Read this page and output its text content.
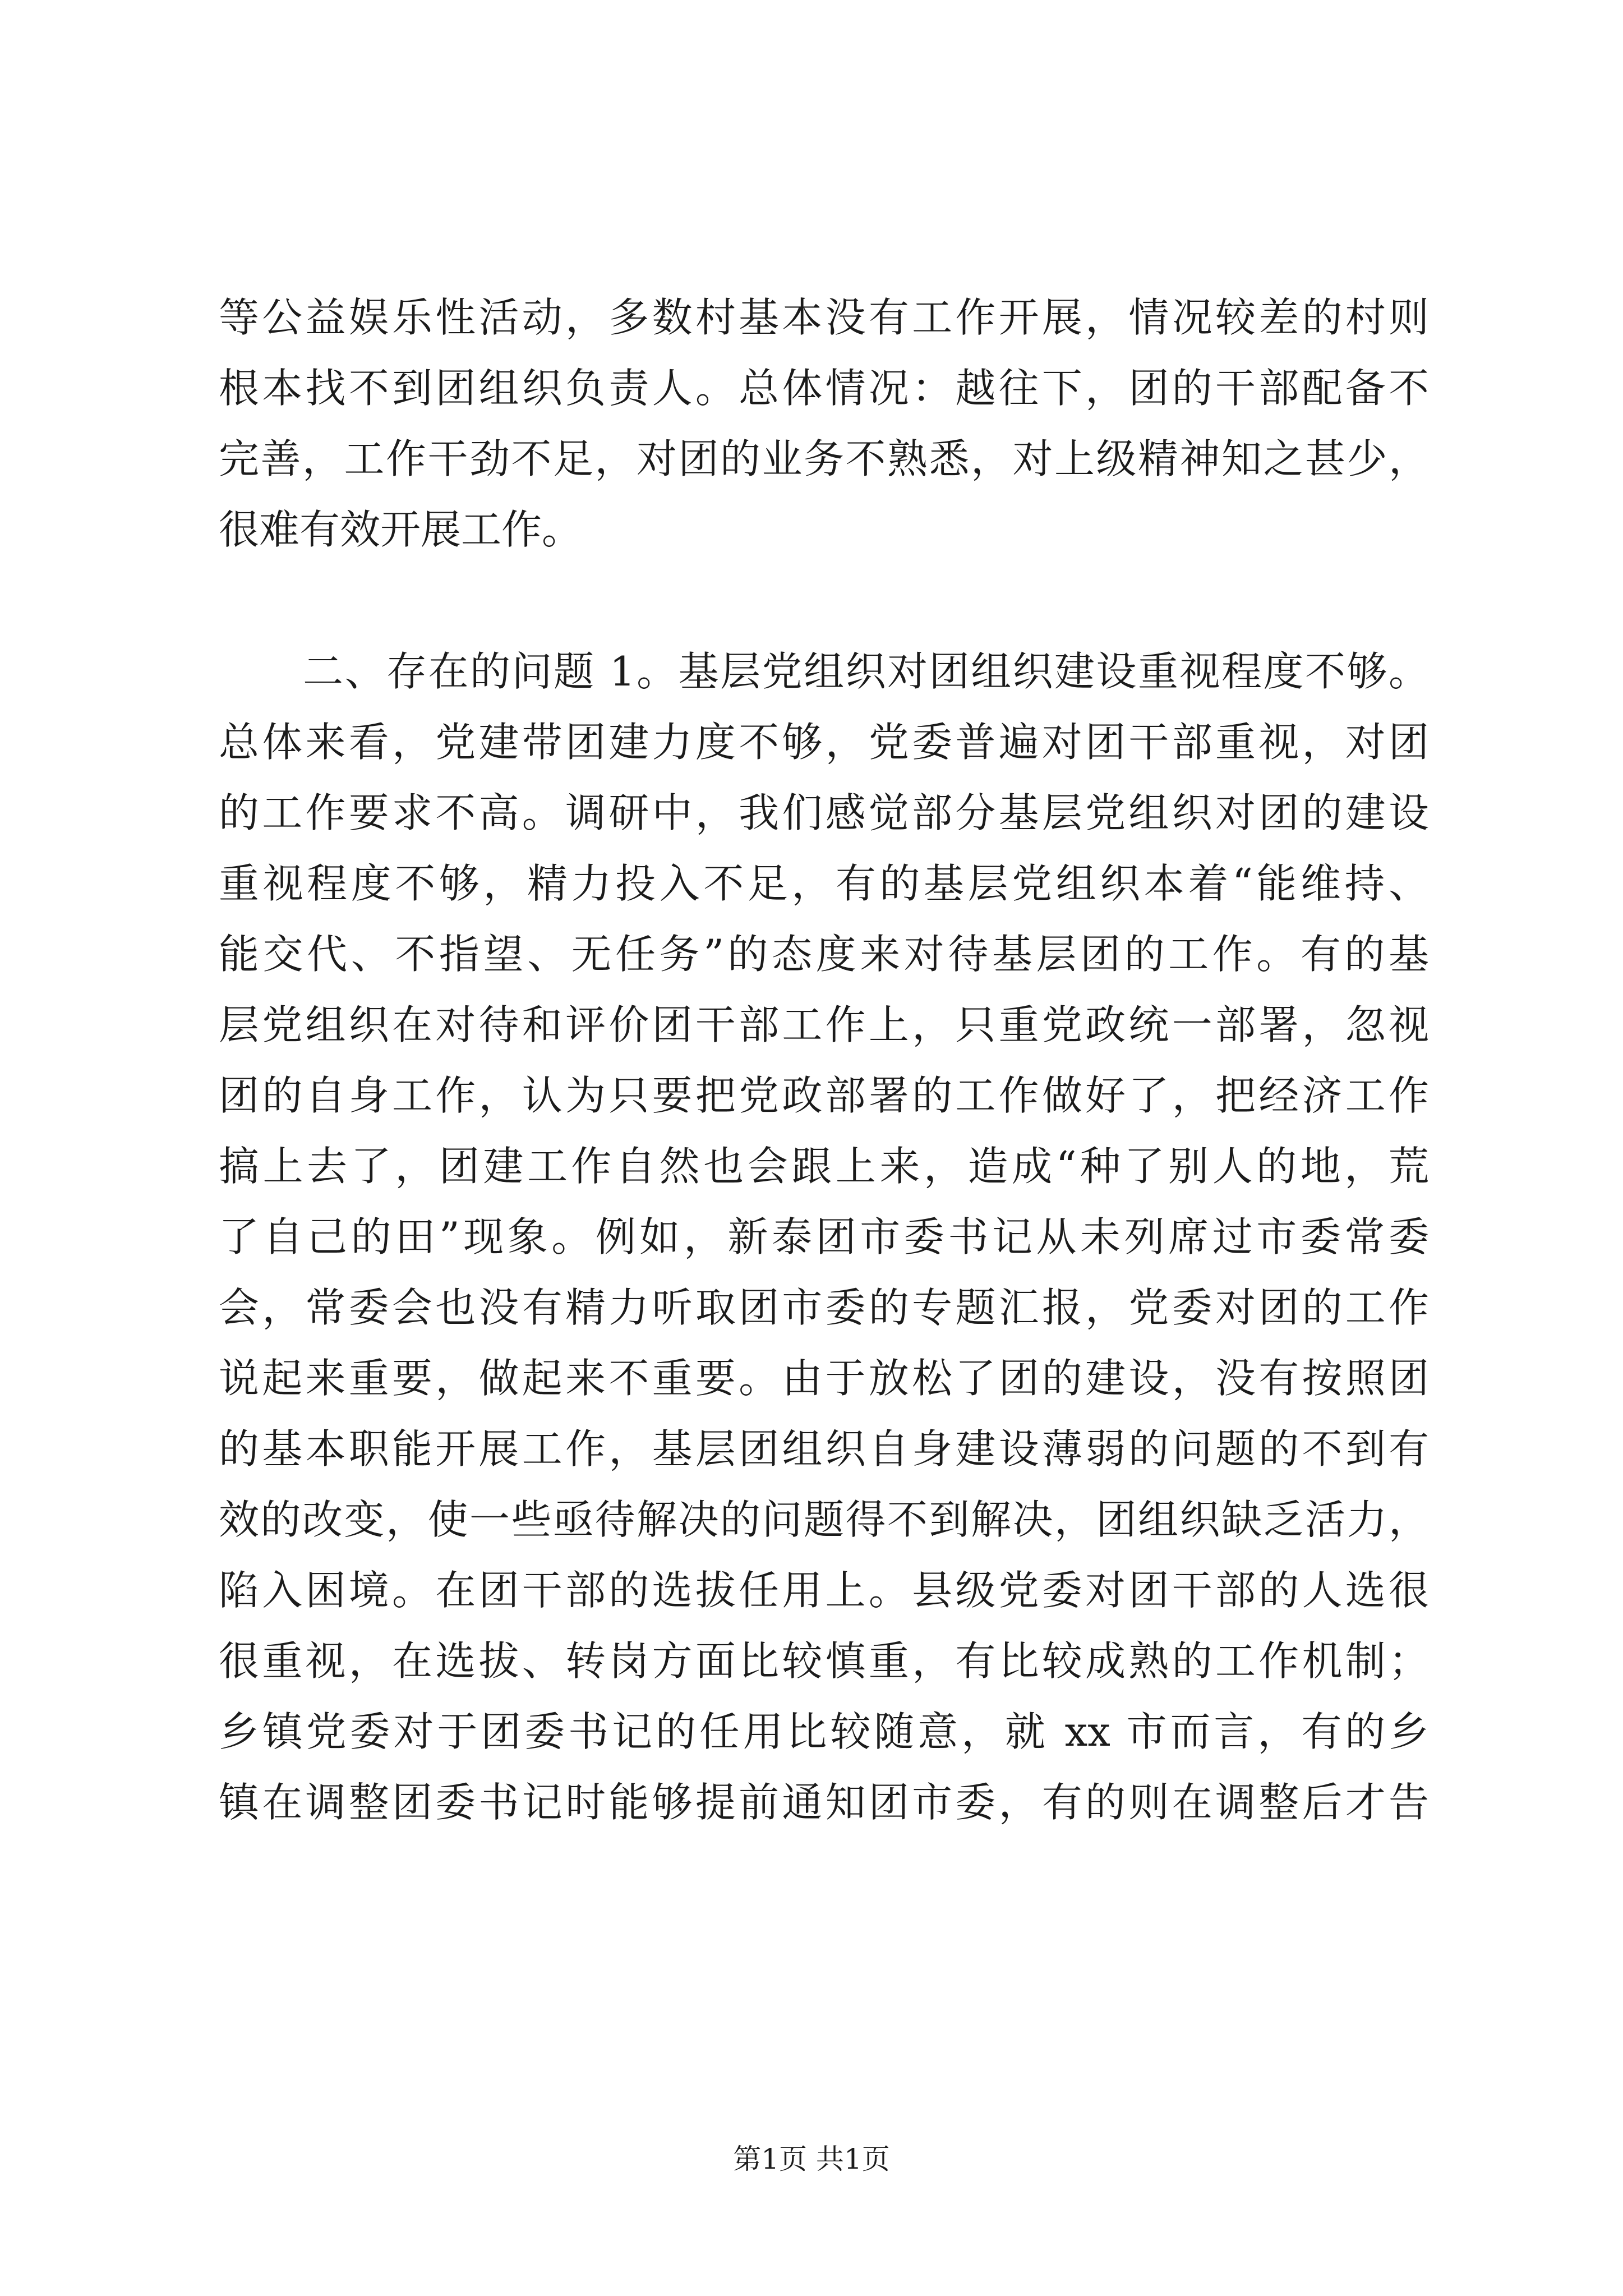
等公益娱乐性活动，多数村基本没有工作开展，情况较差的村则
根本找不到团组织负责人。总体情况：越往下，团的干部配备不
完善，工作干劲不足，对团的业务不熟悉，对上级精神知之甚少，
很难有效开展工作。
二、存在的问题 1。基层党组织对团组织建设重视程度不够。
总体来看，党建带团建力度不够，党委普遍对团干部重视，对团
的工作要求不高。调研中，我们感觉部分基层党组织对团的建设
重视程度不够，精力投入不足，有的基层党组织本着“能维持、
能交代、不指望、无任务”的态度来对待基层团的工作。有的基
层党组织在对待和评价团干部工作上，只重党政统一部署，忽视
团的自身工作，认为只要把党政部署的工作做好了，把经济工作
搞上去了，团建工作自然也会跟上来，造成“种了别人的地，荒
了自己的田”现象。例如，新泰团市委书记从未列席过市委常委
会，常委会也没有精力听取团市委的专题汇报，党委对团的工作
说起来重要，做起来不重要。由于放松了团的建设，没有按照团
的基本职能开展工作，基层团组织自身建设薄弱的问题的不到有
效的改变，使一些亟待解决的问题得不到解决，团组织缺乏活力，
陷入困境。在团干部的选拔任用上。县级党委对团干部的人选很
很重视，在选拔、转岗方面比较慎重，有比较成熟的工作机制；
乡镇党委对于团委书记的任用比较随意，就 xx 市而言，有的乡
镇在调整团委书记时能够提前通知团市委，有的则在调整后才告
第1页 共1页
